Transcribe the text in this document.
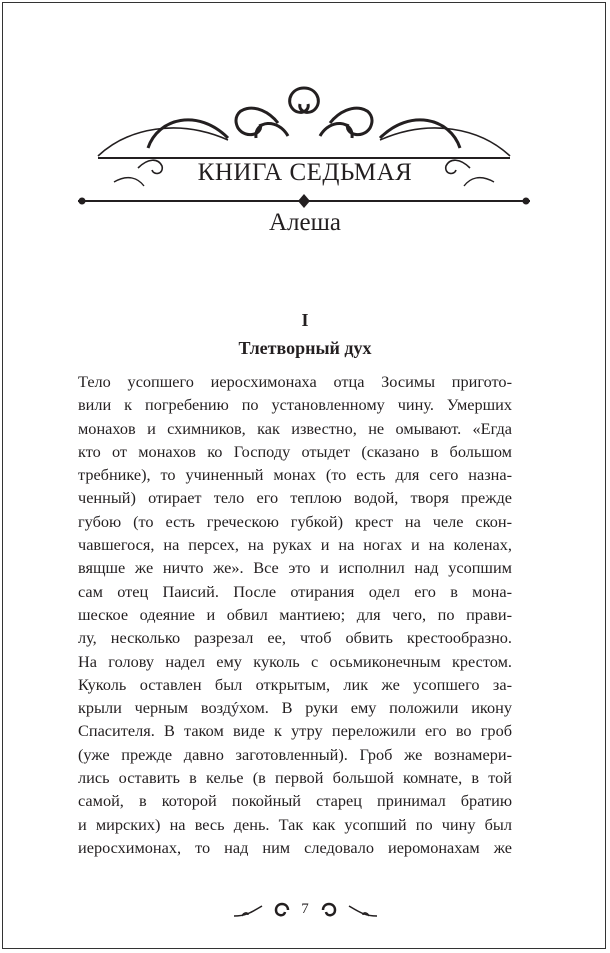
КНИГА СЕДЬМАЯ
Алеша
I
Тлетворный дух
Тело усопшего иеросхимонаха отца Зосимы пригото-
вили к погребению по установленному чину. Умерших
монахов и схимников, как известно, не омывают. «Егда
кто от монахов ко Господу отыдет (сказано в большом
требнике), то учиненный монах (то есть для сего назна-
ченный) отирает тело его теплою водой, творя прежде
губою (то есть греческою губкой) крест на челе скон-
чавшегося, на персех, на руках и на ногах и на коленах,
вящше же ничто же». Все это и исполнил над усопшим
сам отец Паисий. После отирания одел его в мона-
шеское одеяние и обвил мантиею; для чего, по прави-
лу, несколько разрезал ее, чтоб обвить крестообразно.
На голову надел ему куколь с осьмиконечным крестом.
Куколь оставлен был открытым, лик же усопшего за-
крыли черным воздýхом. В руки ему положили икону
Спасителя. В таком виде к утру переложили его во гроб
(уже прежде давно заготовленный). Гроб же вознамери-
лись оставить в келье (в первой большой комнате, в той
самой, в которой покойный старец принимал братию
и мирских) на весь день. Так как усопший по чину был
иеросхимонах, то над ним следовало иеромонахам же
7
